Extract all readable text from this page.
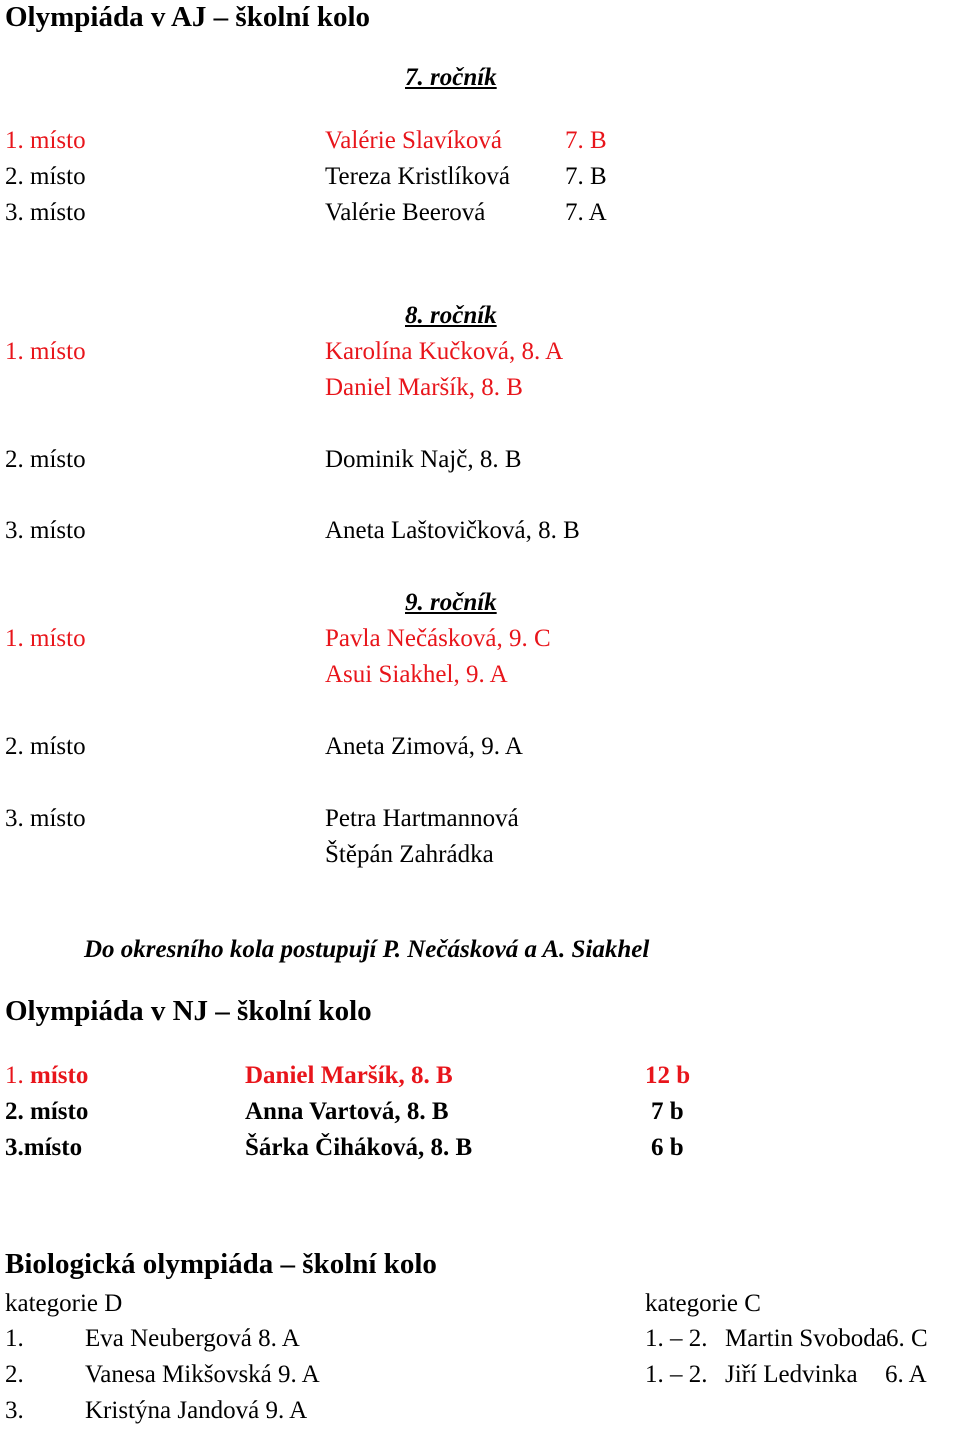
Olympiáda v AJ – školní kolo
7. ročník
1. místo	Valérie Slavíková	7. B
2. místo	Tereza Kristlíková 7. B
3. místo	Valérie Beerová	7. A
8. ročník
1. místo	Karolína Kučková, 8. A
Daniel Maršík, 8. B
2. místo	Dominik Najč, 8. B
3. místo	Aneta Laštovičková, 8. B
9. ročník
1. místo	Pavla Nečásková, 9. C
Asui Siakhel, 9. A
2. místo	Aneta Zimová, 9. A
3. místo	Petra Hartmannová
Štěpán Zahrádka
Do okresního kola postupují P. Nečásková a A. Siakhel
Olympiáda v NJ – školní kolo
1. místo	Daniel Maršík, 8. B	12 b
2. místo	Anna Vartová, 8. B	7 b
3.místo	Šárka Čiháková, 8. B	6 b
Biologická olympiáda – školní kolo
kategorie D	kategorie C
1. Eva Neubergová 8. A	1. – 2. Martin Svoboda 6. C
2. Vanesa Mikšovská 9. A	1. – 2. Jiří Ledvinka 6. A
3. Kristýna Jandová 9. A
